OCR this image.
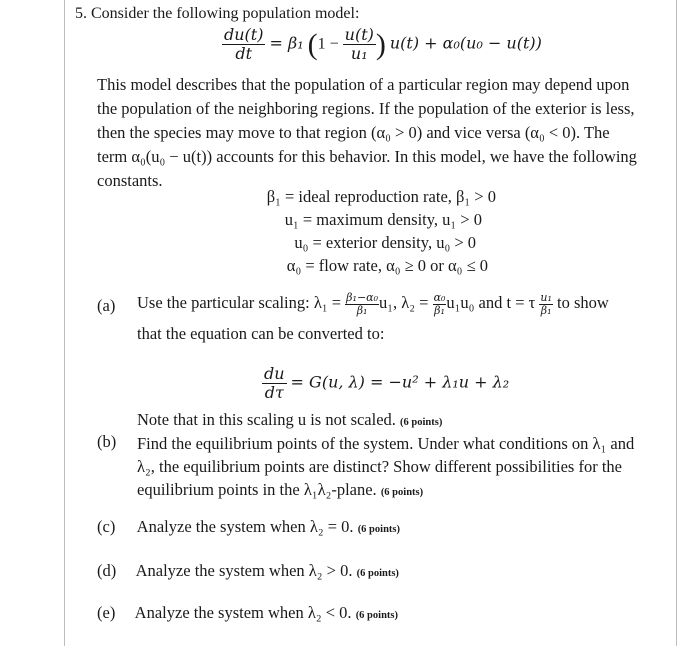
5. Consider the following population model:
$\frac{du(t)}{dt} = \beta_1$ ($1 - \frac{u(t)}{\text{u₁}}$ ) u(t) + α₀(u₀ − u(t))
This model describes that the population of a particular region may depend upon
the population of the neighboring regions. If the population of the exterior is less,
then the species may move to that region (α₀ > 0) and vice versa (α₀ < 0). The
term α₀(u₀ − u(t)) accounts for this behavior. In this model, we have the following
constants.
β₁ = ideal reproduction rate, β₁ > 0
u₁ = maximum density, u₁ > 0
u₀ = exterior density, u₀ > 0
α₀ = flow rate, α₀ ≥ 0 or α₀ ≤ 0
(a) Use the particular scaling: $\lambda_1 = \frac{\text{β₁−α₀}}{\text{β₁}} u_1$, $\lambda_2 = \frac{\text{α₀}}{\text{β₁}} u_1u_0$ and t = τ $\frac{\text{u₁}}{\text{β₁}}$ to show
that the equation can be converted to:
$\frac{du}{d\tau} = G(u$, λ) = −u² + λ₁u + λ₂
Note that in this scaling u is not scaled. (6 points)
(b) Find the equilibrium points of the system. Under what conditions on λ₁ and
λ₂, the equilibrium points are distinct? Show different possibilities for the
equilibrium points in the λ₁λ₂-plane. (6 points)
(c) Analyze the system when λ₂ = 0. (6 points)
(d) Analyze the system when λ₂ > 0. (6 points)
(e) Analyze the system when λ₂ < 0. (6 points)
